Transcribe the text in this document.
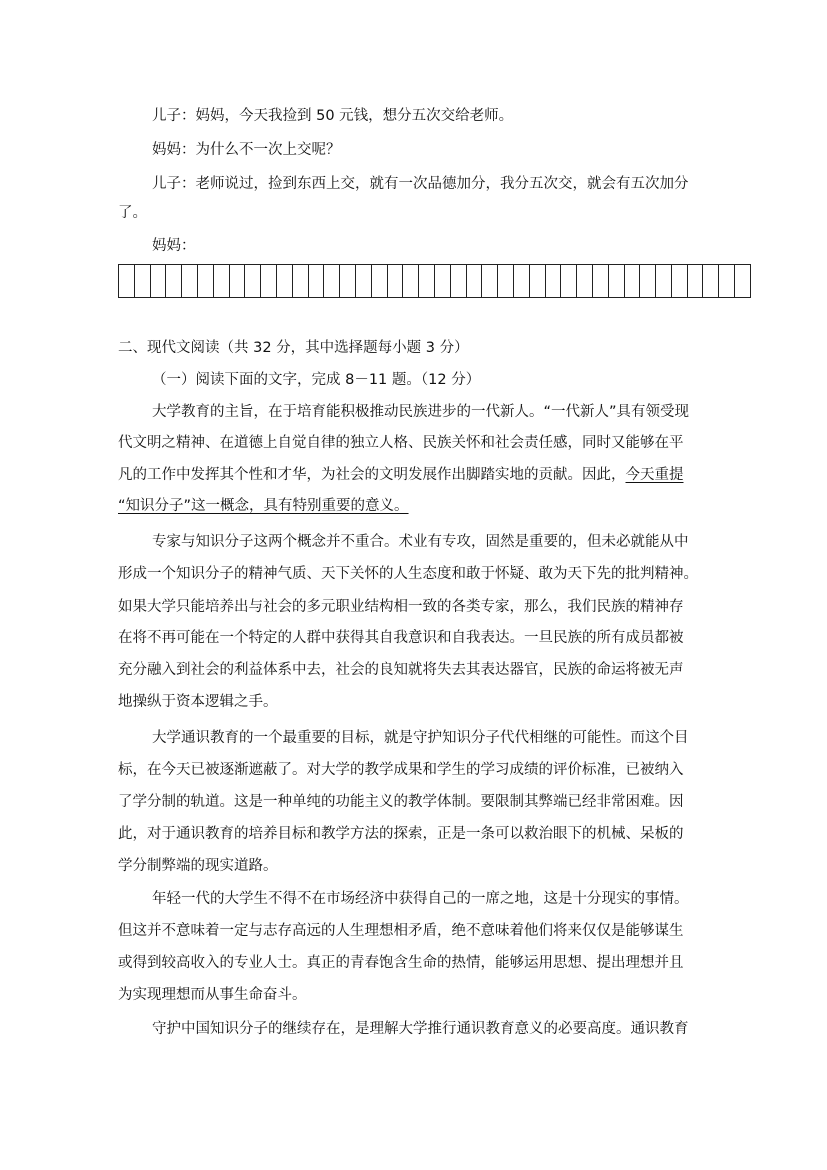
儿子：妈妈，今天我捡到 50 元钱，想分五次交给老师。
妈妈：为什么不一次上交呢？
儿子：老师说过，捡到东西上交，就有一次品德加分，我分五次交，就会有五次加分
了。
妈妈：
二、现代文阅读（共 32 分，其中选择题每小题 3 分）
（一）阅读下面的文字，完成 8－11 题。（12 分）
大学教育的主旨，在于培育能积极推动民族进步的一代新人。“一代新人”具有领受现
代文明之精神、在道德上自觉自律的独立人格、民族关怀和社会责任感，同时又能够在平
凡的工作中发挥其个性和才华，为社会的文明发展作出脚踏实地的贡献。因此，今天重提
“知识分子”这一概念，具有特别重要的意义。
专家与知识分子这两个概念并不重合。术业有专攻，固然是重要的，但未必就能从中
形成一个知识分子的精神气质、天下关怀的人生态度和敢于怀疑、敢为天下先的批判精神。
如果大学只能培养出与社会的多元职业结构相一致的各类专家，那么，我们民族的精神存
在将不再可能在一个特定的人群中获得其自我意识和自我表达。一旦民族的所有成员都被
充分融入到社会的利益体系中去，社会的良知就将失去其表达器官，民族的命运将被无声
地操纵于资本逻辑之手。
大学通识教育的一个最重要的目标，就是守护知识分子代代相继的可能性。而这个目
标，在今天已被逐渐遮蔽了。对大学的教学成果和学生的学习成绩的评价标准，已被纳入
了学分制的轨道。这是一种单纯的功能主义的教学体制。要限制其弊端已经非常困难。因
此，对于通识教育的培养目标和教学方法的探索，正是一条可以救治眼下的机械、呆板的
学分制弊端的现实道路。
年轻一代的大学生不得不在市场经济中获得自己的一席之地，这是十分现实的事情。
但这并不意味着一定与志存高远的人生理想相矛盾，绝不意味着他们将来仅仅是能够谋生
或得到较高收入的专业人士。真正的青春饱含生命的热情，能够运用思想、提出理想并且
为实现理想而从事生命奋斗。
守护中国知识分子的继续存在，是理解大学推行通识教育意义的必要高度。通识教育
